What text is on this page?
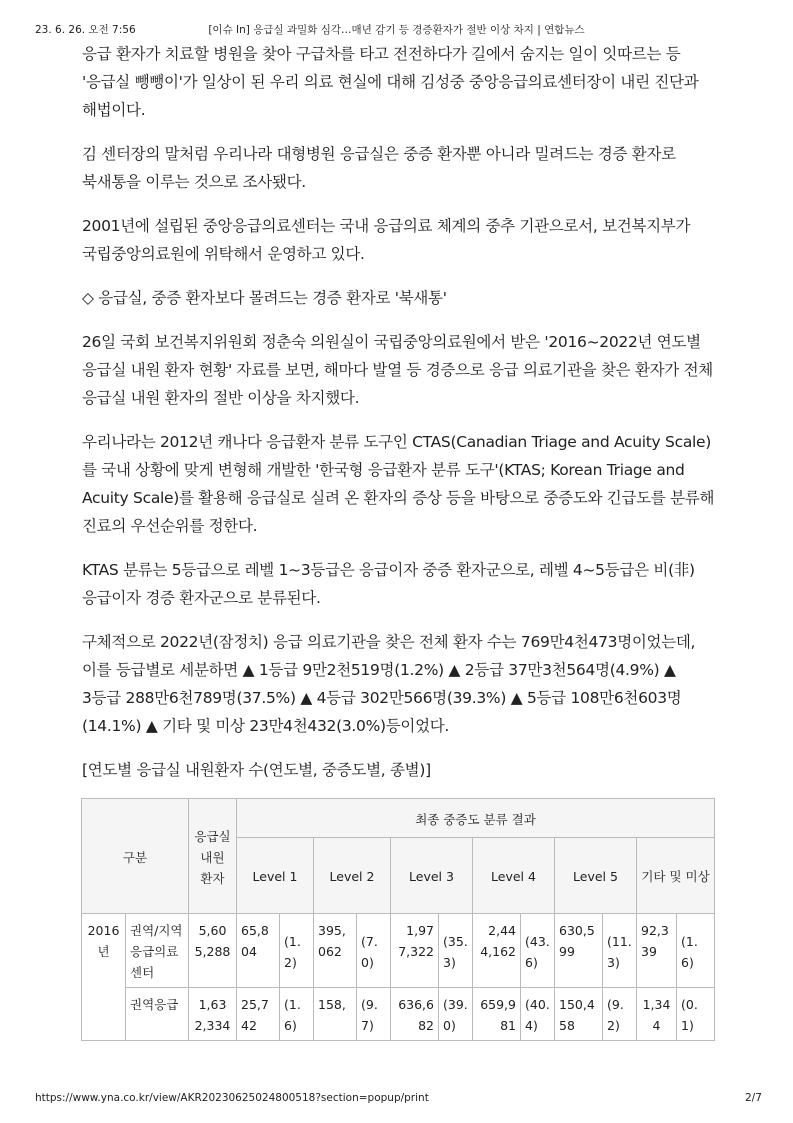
23. 6. 26. 오전 7:56	[이슈 In] 응급실 과밀화 심각…매년 감기 등 경증환자가 절반 이상 차지 | 연합뉴스

응급 환자가 치료할 병원을 찾아 구급차를 타고 전전하다가 길에서 숨지는 일이 잇따르는 등 '응급실 뺑뺑이'가 일상이 된 우리 의료 현실에 대해 김성중 중앙응급의료센터장이 내린 진단과 해법이다.

김 센터장의 말처럼 우리나라 대형병원 응급실은 중증 환자뿐 아니라 밀려드는 경증 환자로 북새통을 이루는 것으로 조사됐다.

2001년에 설립된 중앙응급의료센터는 국내 응급의료 체계의 중추 기관으로서, 보건복지부가 국립중앙의료원에 위탁해서 운영하고 있다.

◇ 응급실, 중증 환자보다 몰려드는 경증 환자로 '북새통'

26일 국회 보건복지위원회 정춘숙 의원실이 국립중앙의료원에서 받은 '2016~2022년 연도별 응급실 내원 환자 현황' 자료를 보면, 해마다 발열 등 경증으로 응급 의료기관을 찾은 환자가 전체 응급실 내원 환자의 절반 이상을 차지했다.

우리나라는 2012년 캐나다 응급환자 분류 도구인 CTAS(Canadian Triage and Acuity Scale)를 국내 상황에 맞게 변형해 개발한 '한국형 응급환자 분류 도구'(KTAS; Korean Triage and Acuity Scale)를 활용해 응급실로 실려 온 환자의 증상 등을 바탕으로 중증도와 긴급도를 분류해 진료의 우선순위를 정한다.

KTAS 분류는 5등급으로 레벨 1~3등급은 응급이자 중증 환자군으로, 레벨 4~5등급은 비(非)응급이자 경증 환자군으로 분류된다.

구체적으로 2022년(잠정치) 응급 의료기관을 찾은 전체 환자 수는 769만4천473명이었는데, 이를 등급별로 세분하면 ▲ 1등급 9만2천519명(1.2%) ▲ 2등급 37만3천564명(4.9%) ▲ 3등급 288만6천789명(37.5%) ▲ 4등급 302만566명(39.3%) ▲ 5등급 108만6천603명(14.1%) ▲ 기타 및 미상 23만4천432(3.0%)등이었다.

[연도별 응급실 내원환자 수(연도별, 중증도별, 종별)]

구분		응급실 내원 환자	최종 중증도 분류 결과											
			Level 1		Level 2		Level 3		Level 4		Level 5		기타 및 미상	
2016년	권역/지역응급의료센터	5,605,288	65,804	(1.2)	395,062	(7.0)	1,977,322	(35.3)	2,444,162	(43.6)	630,599	(11.3)	92,339	(1.6)
	권역응급	1,632,334	25,742	(1.6)	158,	(9.7)	636,682	(39.0)	659,981	(40.4)	150,458	(9.2)	1,344	(0.1)
https://www.yna.co.kr/view/AKR20230625024800518?section=popup/print	2/7
